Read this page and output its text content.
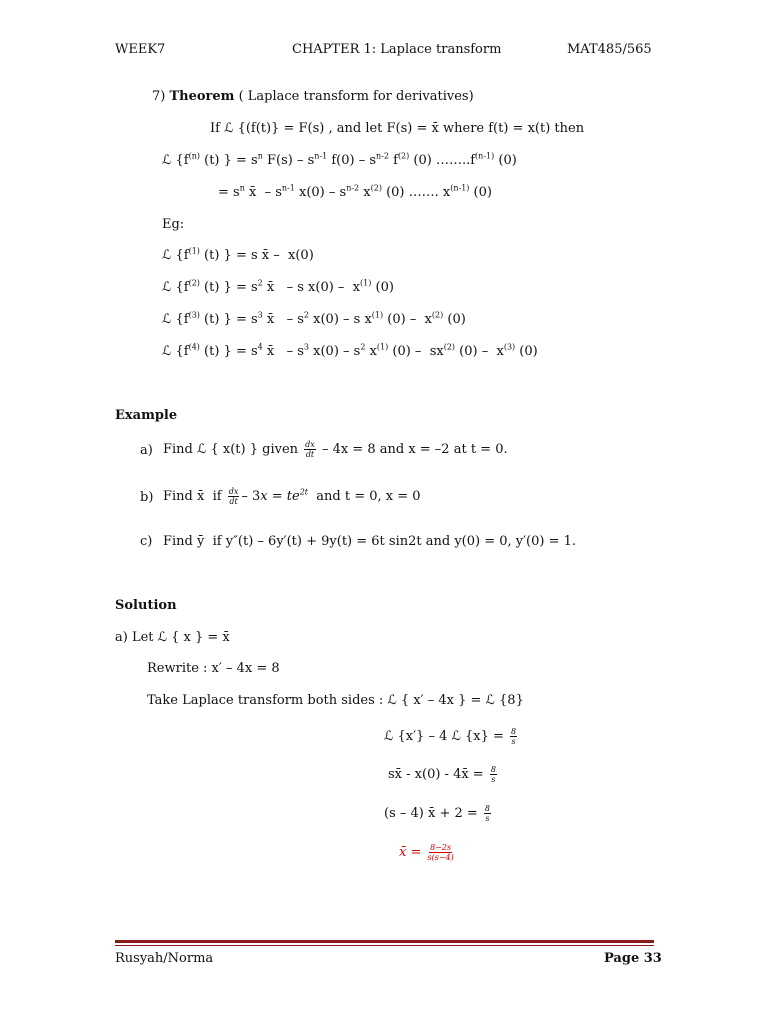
WEEK7	CHAPTER 1: Laplace transform	MAT485/565
7) Theorem ( Laplace transform for derivatives)
If ℒ {(f(t)} = F(s) , and let F(s) = x̄ where f(t) = x(t) then
ℒ {$f^{(n)}$ (t) } = $s^n$ $F(s) - s^{n-1}$ $f(0) - s^{n-2}$ $f^{(2)}$ (0) $\dots\dots..f^{(n-1)}$ (0)
= $s^n$ x̄  – $s^{n-1}$ $x(0) - s^{n-2}$ $x^{(2)}$ (0) ……. $x^{(n-1)}$ (0)
Eg:
ℒ {$f^{(1)}$ (t) } = s x̄ –  x(0)
ℒ {$f^{(2)}$ (t) } = $s^2$ x̄   – s $x(0) - x^{(1)}$ (0)
ℒ {$f^{(3)}$ (t) } = $s^3$ x̄   – $s^2$ x(0) – s $x^{(1)}$ $(0) - x^{(2)}$ (0)
ℒ {$f^{(4)}$ (t) } = $s^4$ x̄   – $s^3$ $x(0) - s^2$ $x^{(1)}$ $(0) - sx^{(2)}$ $(0) - x^{(3)}$ (0)
Example
a) Find ℒ { x(t) } given $\frac{dx}{dt} - 4x = 8$ and x = –2 at t = 0.
b) Find x̄  if $\frac{dx}{dt} - 3x = te^{2t}$  and t = 0, x = 0
c) Find ȳ  if y″(t) – 6y′(t) + 9y(t) = 6t sin2t and y(0) = 0, y′(0) = 1.
Solution
a) Let ℒ { x } = x̄
Rewrite : x′ – 4x = 8
Take Laplace transform both sides : ℒ { x′ – 4x } = ℒ {8}
ℒ {x′} – 4 ℒ $\{x\} = \frac{8}{s}$
sx̄ - x(0) - 4x̄ = $\frac{8}{s}$
(s – 4) x̄ + $2 = \frac{8}{s}$
x̄ = $\frac{8-2s}{s(s-4)}$
Rusyah/Norma	Page 33
